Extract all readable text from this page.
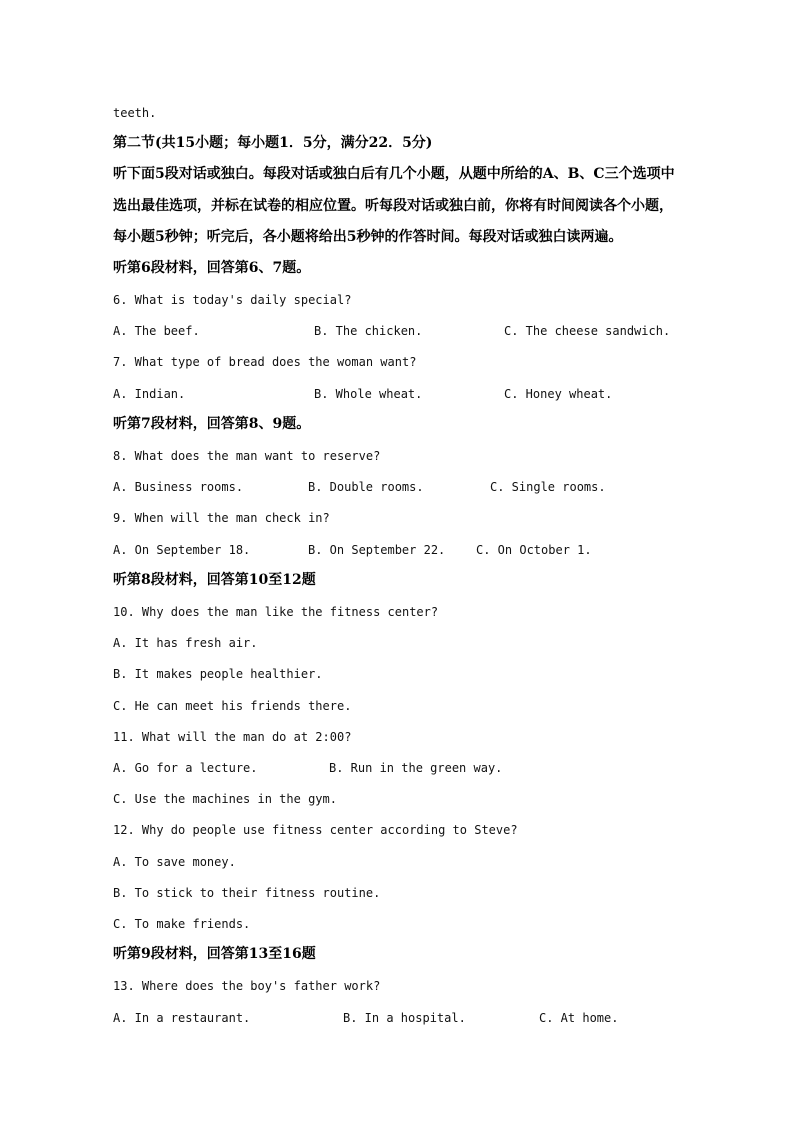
teeth.
第二节(共15小题；每小题1．5分，满分22．5分)
听下面5段对话或独白。每段对话或独白后有几个小题，从题中所给的A、B、C三个选项中
选出最佳选项，并标在试卷的相应位置。听每段对话或独白前，你将有时间阅读各个小题，
每小题5秒钟；听完后，各小题将给出5秒钟的作答时间。每段对话或独白读两遍。
听第6段材料，回答第6、7题。
6. What is today's daily special?
A. The beef.	B. The chicken.	C. The cheese sandwich.
7. What type of bread does the woman want?
A. Indian.	B. Whole wheat.	C. Honey wheat.
听第7段材料，回答第8、9题。
8. What does the man want to reserve?
A. Business rooms.	B. Double rooms.	C. Single rooms.
9. When will the man check in?
A. On September 18.	B. On September 22.	C. On October 1.
听第8段材料，回答第10至12题
10. Why does the man like the fitness center?
A. It has fresh air.
B. It makes people healthier.
C. He can meet his friends there.
11. What will the man do at 2:00?
A. Go for a lecture.	B. Run in the green way.
C. Use the machines in the gym.
12. Why do people use fitness center according to Steve?
A. To save money.
B. To stick to their fitness routine.
C. To make friends.
听第9段材料，回答第13至16题
13. Where does the boy's father work?
A. In a restaurant.	B. In a hospital.	C. At home.
